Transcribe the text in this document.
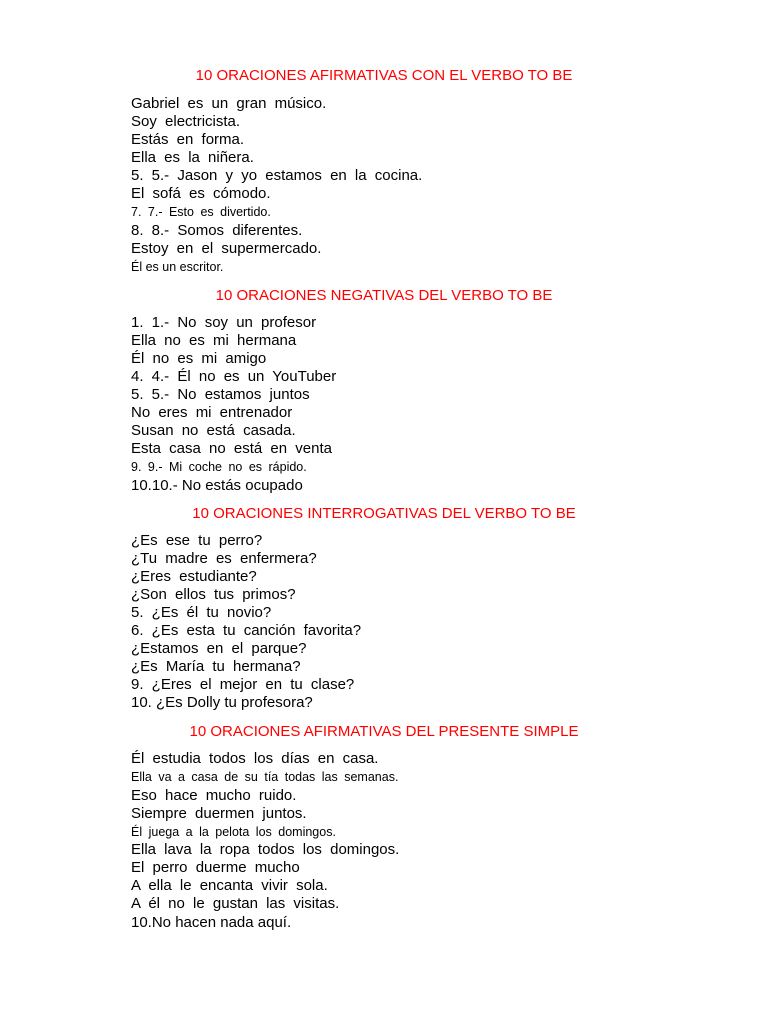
10 ORACIONES AFIRMATIVAS CON EL VERBO TO BE
Gabriel es un gran músico.
Soy electricista.
Estás en forma.
Ella es la niñera.
5. 5.- Jason y yo estamos en la cocina.
El sofá es cómodo.
7. 7.- Esto es divertido.
8. 8.- Somos diferentes.
Estoy en el supermercado.
Él es un escritor.
10 ORACIONES NEGATIVAS DEL VERBO TO BE
1. 1.- No soy un profesor
Ella no es mi hermana
Él no es mi amigo
4. 4.- Él no es un YouTuber
5. 5.- No estamos juntos
No eres mi entrenador
Susan no está casada.
Esta casa no está en venta
9. 9.- Mi coche no es rápido.
10.10.- No estás ocupado
10 ORACIONES INTERROGATIVAS DEL VERBO TO BE
¿Es ese tu perro?
¿Tu madre es enfermera?
¿Eres estudiante?
¿Son ellos tus primos?
5. ¿Es él tu novio?
6. ¿Es esta tu canción favorita?
¿Estamos en el parque?
¿Es María tu hermana?
9. ¿Eres el mejor en tu clase?
10. ¿Es Dolly tu profesora?
10 ORACIONES AFIRMATIVAS DEL PRESENTE SIMPLE
Él estudia todos los días en casa.
Ella va a casa de su tía todas las semanas.
Eso hace mucho ruido.
Siempre duermen juntos.
Él juega a la pelota los domingos.
Ella lava la ropa todos los domingos.
El perro duerme mucho
A ella le encanta vivir sola.
A él no le gustan las visitas.
10.No hacen nada aquí.
